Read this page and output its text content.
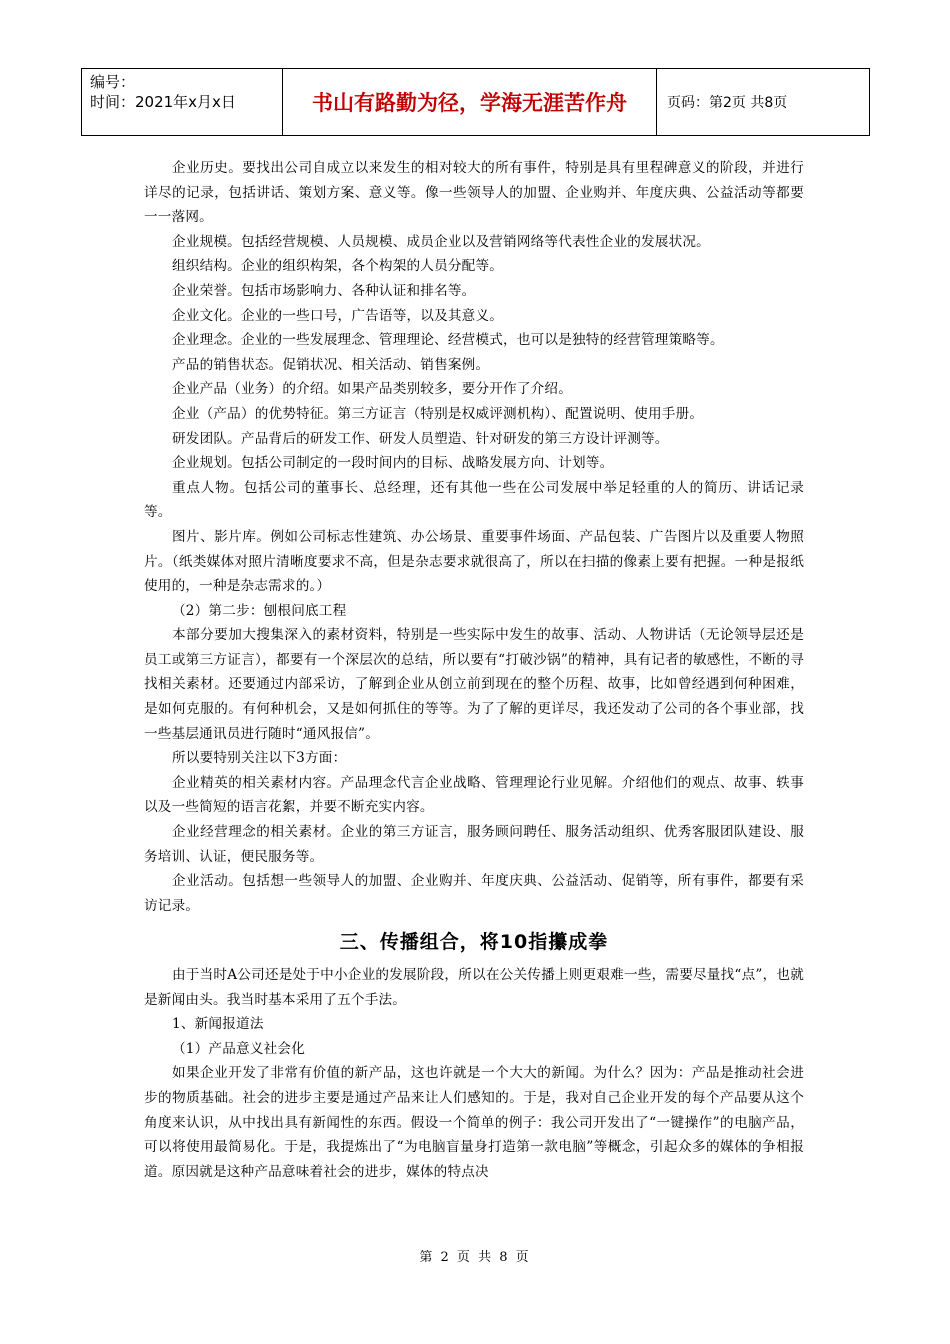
编号：
时间：2021年x月x日	书山有路勤为径，学海无涯苦作舟	页码：第2页 共8页

企业历史。要找出公司自成立以来发生的相对较大的所有事件，特别是具有里程碑意义的阶段，并进行详尽的记录，包括讲话、策划方案、意义等。像一些领导人的加盟、企业购并、年度庆典、公益活动等都要一一落网。

企业规模。包括经营规模、人员规模、成员企业以及营销网络等代表性企业的发展状况。

组织结构。企业的组织构架，各个构架的人员分配等。

企业荣誉。包括市场影响力、各种认证和排名等。

企业文化。企业的一些口号，广告语等，以及其意义。

企业理念。企业的一些发展理念、管理理论、经营模式，也可以是独特的经营管理策略等。

产品的销售状态。促销状况、相关活动、销售案例。

企业产品（业务）的介绍。如果产品类别较多，要分开作了介绍。

企业（产品）的优势特征。第三方证言（特别是权威评测机构）、配置说明、使用手册。

研发团队。产品背后的研发工作、研发人员塑造、针对研发的第三方设计评测等。

企业规划。包括公司制定的一段时间内的目标、战略发展方向、计划等。

重点人物。包括公司的董事长、总经理，还有其他一些在公司发展中举足轻重的人的简历、讲话记录等。

图片、影片库。例如公司标志性建筑、办公场景、重要事件场面、产品包装、广告图片以及重要人物照片。（纸类媒体对照片清晰度要求不高，但是杂志要求就很高了，所以在扫描的像素上要有把握。一种是报纸使用的，一种是杂志需求的。）

（2）第二步：刨根问底工程

本部分要加大搜集深入的素材资料，特别是一些实际中发生的故事、活动、人物讲话（无论领导层还是员工或第三方证言），都要有一个深层次的总结，所以要有“打破沙锅”的精神，具有记者的敏感性，不断的寻找相关素材。还要通过内部采访，了解到企业从创立前到现在的整个历程、故事，比如曾经遇到何种困难，是如何克服的。有何种机会，又是如何抓住的等等。为了了解的更详尽，我还发动了公司的各个事业部，找一些基层通讯员进行随时“通风报信”。

所以要特别关注以下3方面：

企业精英的相关素材内容。产品理念代言企业战略、管理理论行业见解。介绍他们的观点、故事、轶事以及一些简短的语言花絮，并要不断充实内容。

企业经营理念的相关素材。企业的第三方证言，服务顾问聘任、服务活动组织、优秀客服团队建设、服务培训、认证，便民服务等。

企业活动。包括想一些领导人的加盟、企业购并、年度庆典、公益活动、促销等，所有事件，都要有采访记录。

三、传播组合，将10指攥成拳

由于当时A公司还是处于中小企业的发展阶段，所以在公关传播上则更艰难一些，需要尽量找“点”，也就是新闻由头。我当时基本采用了五个手法。

1、新闻报道法

（1）产品意义社会化

如果企业开发了非常有价值的新产品，这也许就是一个大大的新闻。为什么？因为：产品是推动社会进步的物质基础。社会的进步主要是通过产品来让人们感知的。于是，我对自己企业开发的每个产品要从这个角度来认识，从中找出具有新闻性的东西。假设一个简单的例子：我公司开发出了“一键操作”的电脑产品，可以将使用最简易化。于是，我提炼出了“为电脑盲量身打造第一款电脑”等概念，引起众多的媒体的争相报道。原因就是这种产品意味着社会的进步，媒体的特点决

第 2 页 共 8 页
